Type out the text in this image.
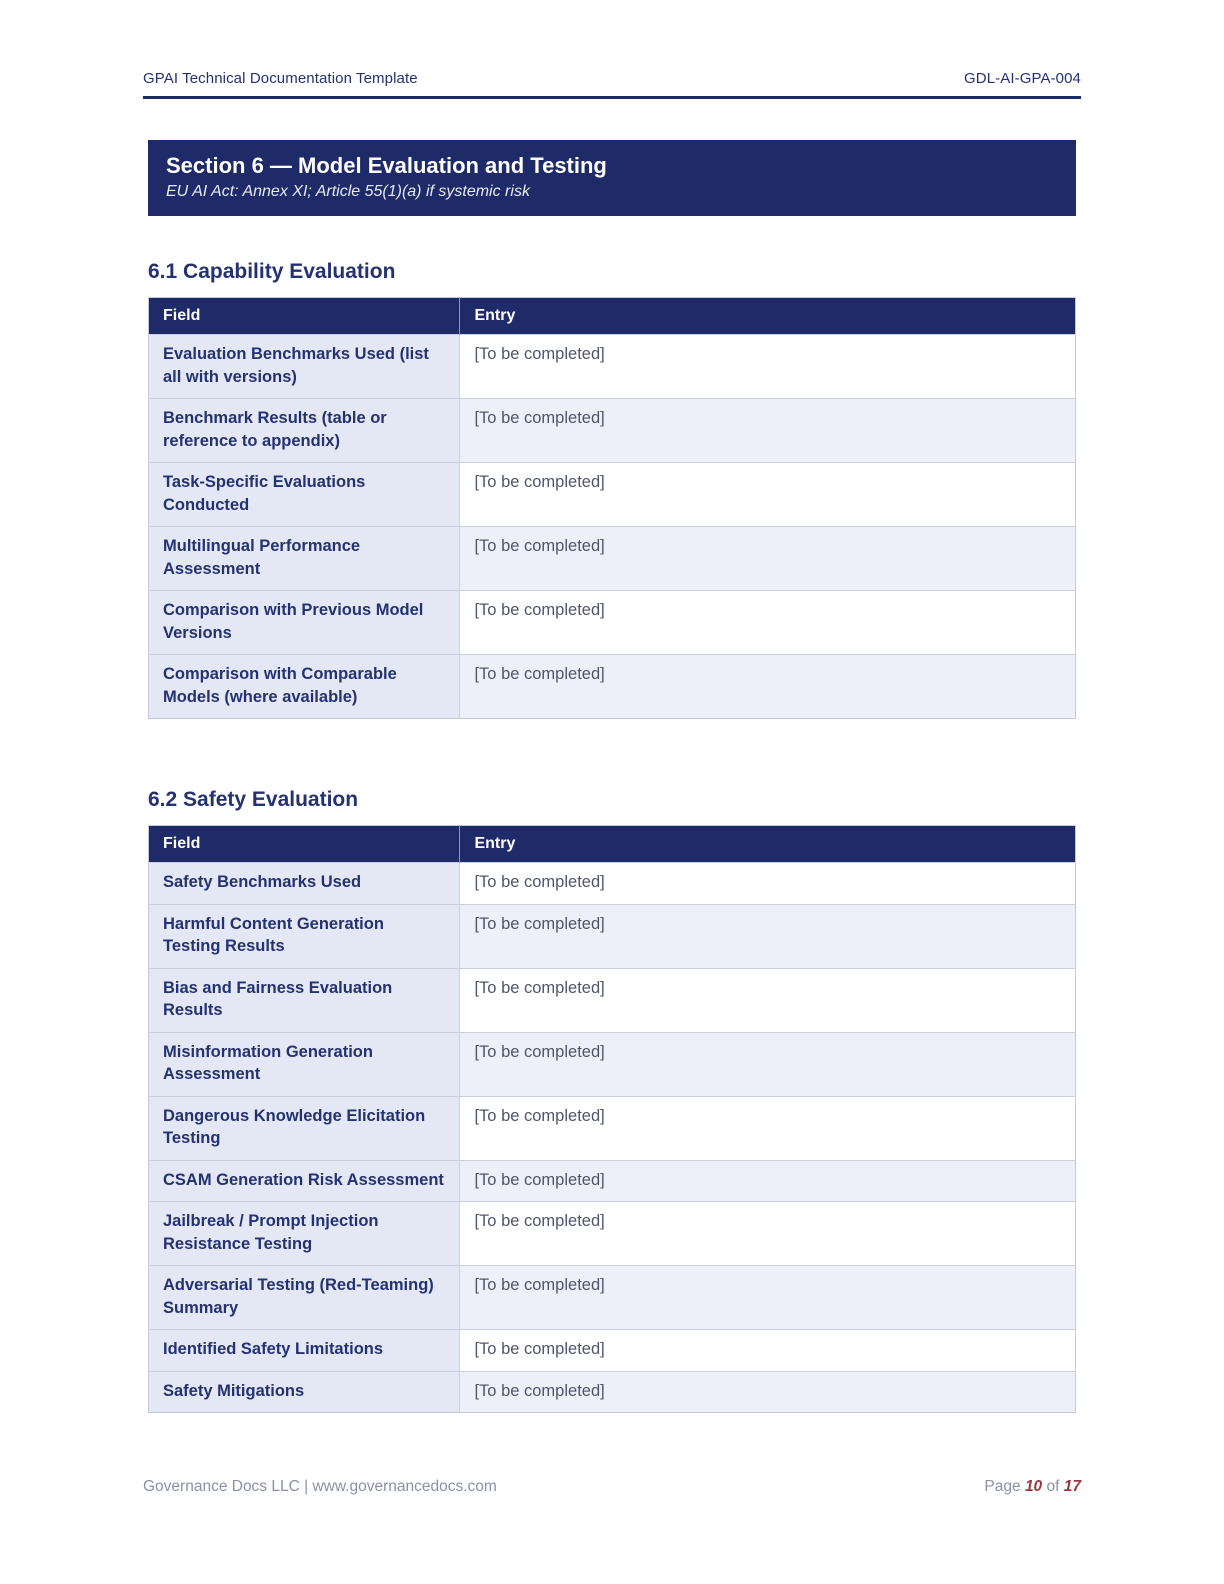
GPAI Technical Documentation Template	GDL-AI-GPA-004
Section 6 — Model Evaluation and Testing
EU AI Act: Annex XI; Article 55(1)(a) if systemic risk
6.1 Capability Evaluation
Field	Entry
Evaluation Benchmarks Used (list all with versions)	[To be completed]
Benchmark Results (table or reference to appendix)	[To be completed]
Task-Specific Evaluations Conducted	[To be completed]
Multilingual Performance Assessment	[To be completed]
Comparison with Previous Model Versions	[To be completed]
Comparison with Comparable Models (where available)	[To be completed]
6.2 Safety Evaluation
Field	Entry
Safety Benchmarks Used	[To be completed]
Harmful Content Generation Testing Results	[To be completed]
Bias and Fairness Evaluation Results	[To be completed]
Misinformation Generation Assessment	[To be completed]
Dangerous Knowledge Elicitation Testing	[To be completed]
CSAM Generation Risk Assessment	[To be completed]
Jailbreak / Prompt Injection Resistance Testing	[To be completed]
Adversarial Testing (Red-Teaming) Summary	[To be completed]
Identified Safety Limitations	[To be completed]
Safety Mitigations	[To be completed]
Governance Docs LLC | www.governancedocs.com	Page 10 of 17
